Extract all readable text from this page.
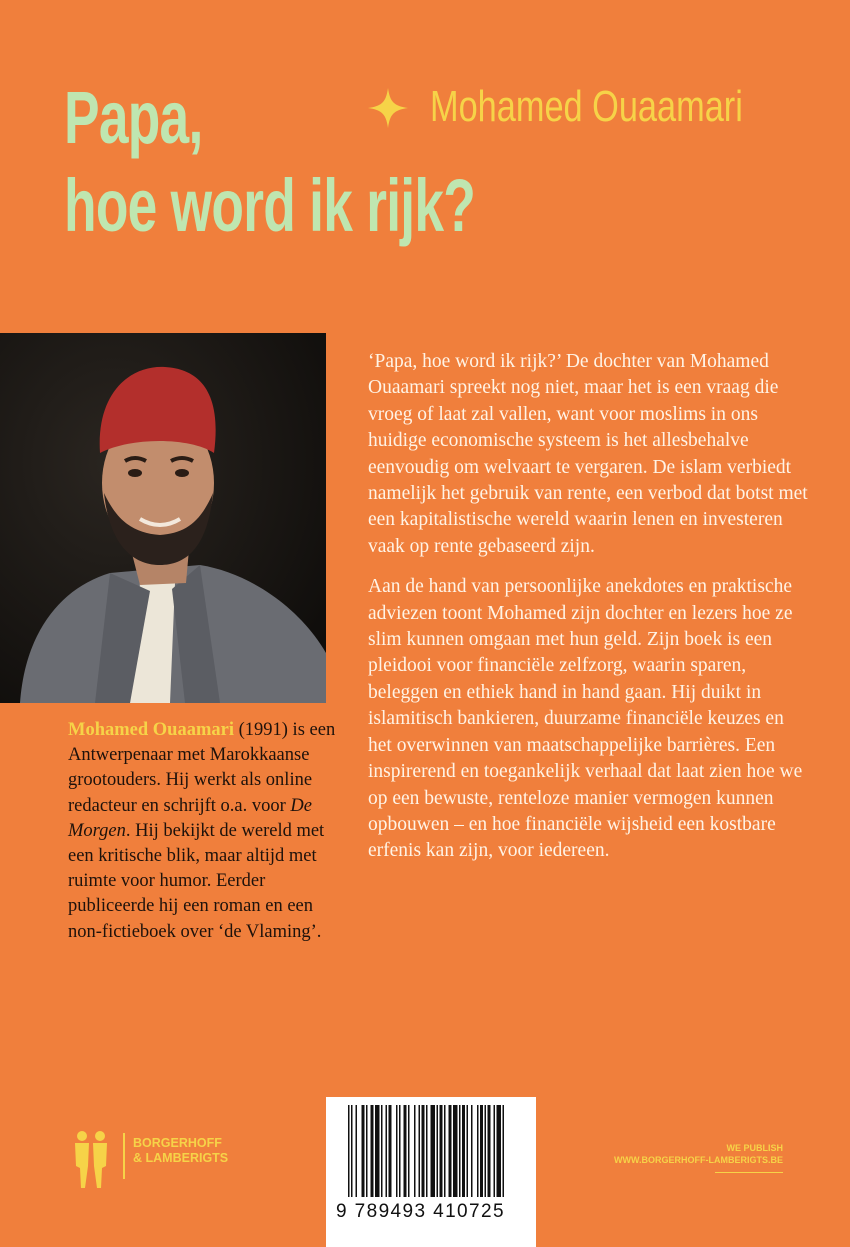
Papa,
hoe word ik rijk?
Mohamed Ouaamari
Mohamed Ouaamari (1991) is een Antwerpenaar met Marokkaanse grootouders. Hij werkt als online redacteur en schrijft o.a. voor De Morgen. Hij bekijkt de wereld met een kritische blik, maar altijd met ruimte voor humor. Eerder publiceerde hij een roman en een non-fictieboek over ‘de Vlaming’.

‘Papa, hoe word ik rijk?’ De dochter van Mohamed Ouaamari spreekt nog niet, maar het is een vraag die vroeg of laat zal vallen, want voor moslims in ons huidige economische systeem is het allesbehalve eenvoudig om welvaart te vergaren. De islam verbiedt namelijk het gebruik van rente, een verbod dat botst met een kapitalistische wereld waarin lenen en investeren vaak op rente gebaseerd zijn.

Aan de hand van persoonlijke anekdotes en praktische adviezen toont Mohamed zijn dochter en lezers hoe ze slim kunnen omgaan met hun geld. Zijn boek is een pleidooi voor financiële zelfzorg, waarin sparen, beleggen en ethiek hand in hand gaan. Hij duikt in islamitisch bankieren, duurzame financiële keuzes en het overwinnen van maatschappelijke barrières. Een inspirerend en toegankelijk verhaal dat laat zien hoe we op een bewuste, renteloze manier vermogen kunnen opbouwen – en hoe financiële wijsheid een kostbare erfenis kan zijn, voor iedereen.

9 789493 410725
BORGERHOFF
& LAMBERIGTS
WE PUBLISH
WWW.BORGERHOFF-LAMBERIGTS.BE
